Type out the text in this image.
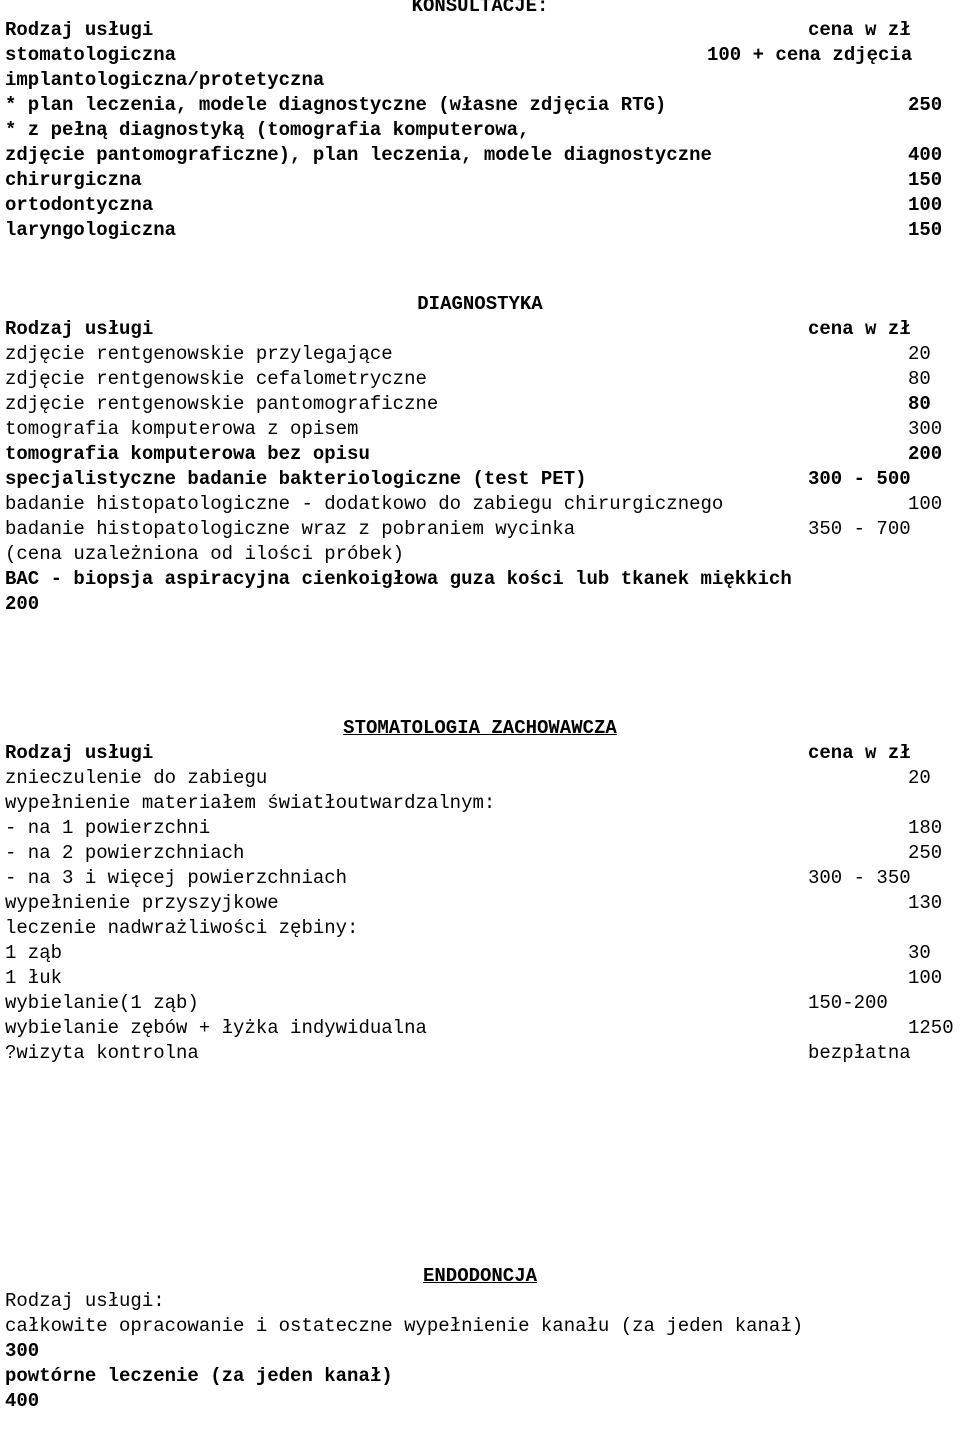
KONSULTACJE:

Rodzaj usługi

	cena w zł

stomatologiczna

	100 + cena zdjęcia

implantologiczna/protetyczna

* plan leczenia, modele diagnostyczne (własne zdjęcia RTG)

	250

* z pełną diagnostyką (tomografia komputerowa,

zdjęcie pantomograficzne), plan leczenia, modele diagnostyczne

	400

chirurgiczna

	150

ortodontyczna

	100

laryngologiczna

	150

DIAGNOSTYKA

Rodzaj usługi

	cena w zł

zdjęcie rentgenowskie przylegające

	20

zdjęcie rentgenowskie cefalometryczne

	80

zdjęcie rentgenowskie pantomograficzne

	80

tomografia komputerowa z opisem

	300

tomografia komputerowa bez opisu

	200

specjalistyczne badanie bakteriologiczne (test PET)

	300 - 500

badanie histopatologiczne - dodatkowo do zabiegu chirurgicznego

	100

badanie histopatologiczne wraz z pobraniem wycinka

	350 - 700

(cena uzależniona od ilości próbek)

BAC - biopsja aspiracyjna cienkoigłowa guza kości lub tkanek miękkich

200

STOMATOLOGIA ZACHOWAWCZA

Rodzaj usługi

	cena w zł

znieczulenie do zabiegu

	20

wypełnienie materiałem światłoutwardzalnym:

- na 1 powierzchni

	180

- na 2 powierzchniach

	250

- na 3 i więcej powierzchniach

	300 - 350

wypełnienie przyszyjkowe

	130

leczenie nadwrażliwości zębiny:

1 ząb

	30

1 łuk

	100

wybielanie(1 ząb)

	150-200

wybielanie zębów + łyżka indywidualna

	1250

?wizyta kontrolna

	bezpłatna

ENDODONCJA

Rodzaj usługi:

całkowite opracowanie i ostateczne wypełnienie kanału (za jeden kanał)

300

powtórne leczenie (za jeden kanał)

400
